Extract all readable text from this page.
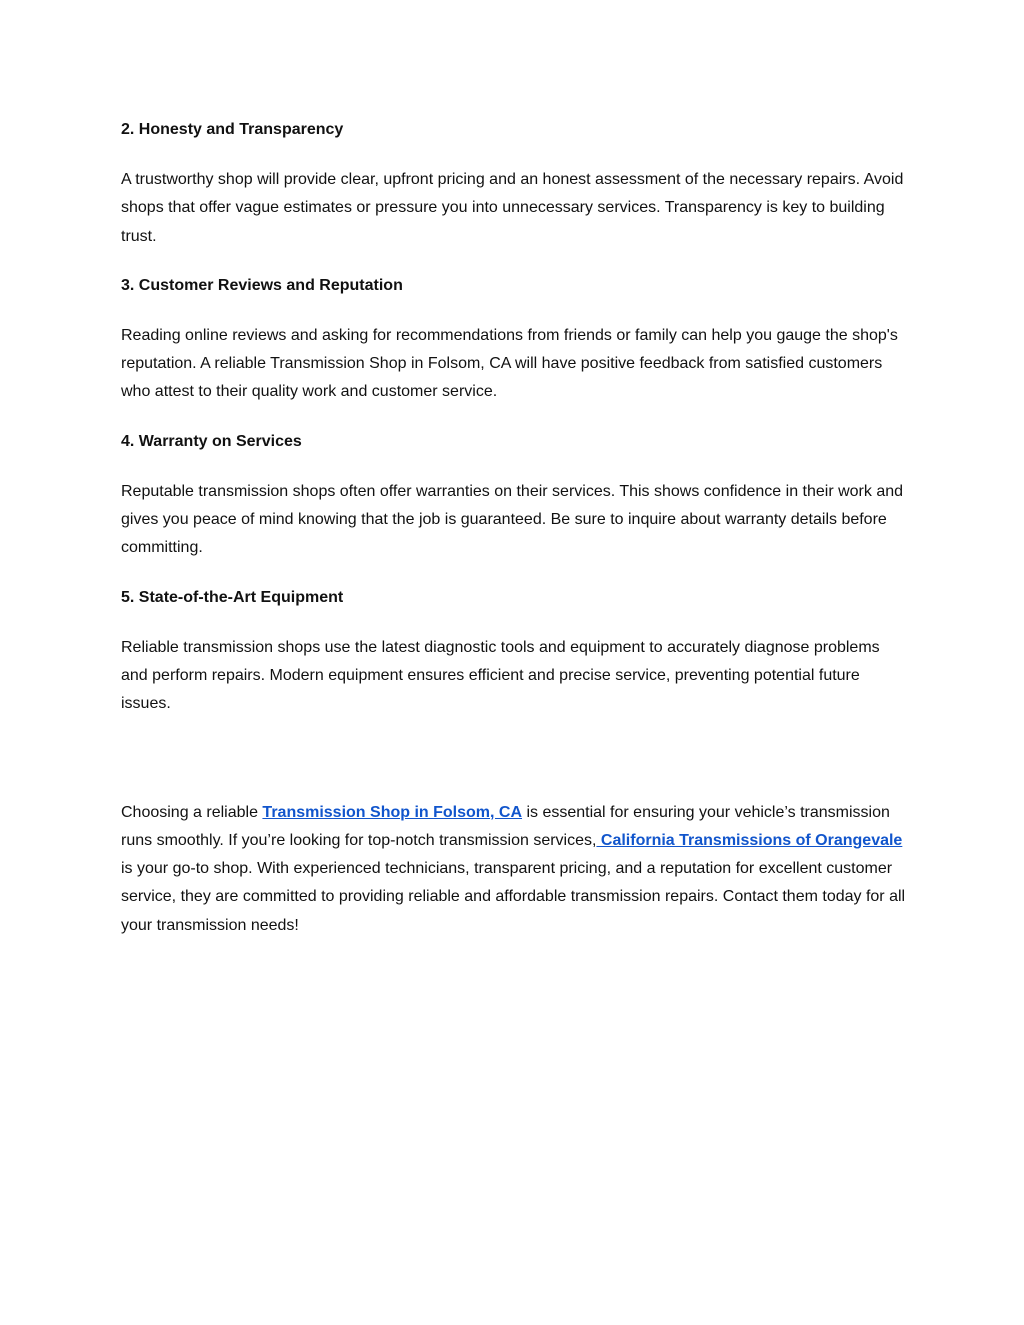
2. Honesty and Transparency

A trustworthy shop will provide clear, upfront pricing and an honest assessment of the necessary repairs. Avoid shops that offer vague estimates or pressure you into unnecessary services. Transparency is key to building trust.

3. Customer Reviews and Reputation

Reading online reviews and asking for recommendations from friends or family can help you gauge the shop's reputation. A reliable Transmission Shop in Folsom, CA will have positive feedback from satisfied customers who attest to their quality work and customer service.

4. Warranty on Services

Reputable transmission shops often offer warranties on their services. This shows confidence in their work and gives you peace of mind knowing that the job is guaranteed. Be sure to inquire about warranty details before committing.

5. State-of-the-Art Equipment

Reliable transmission shops use the latest diagnostic tools and equipment to accurately diagnose problems and perform repairs. Modern equipment ensures efficient and precise service, preventing potential future issues.

Choosing a reliable Transmission Shop in Folsom, CA is essential for ensuring your vehicle’s transmission runs smoothly. If you’re looking for top-notch transmission services, California Transmissions of Orangevale is your go-to shop. With experienced technicians, transparent pricing, and a reputation for excellent customer service, they are committed to providing reliable and affordable transmission repairs. Contact them today for all your transmission needs!
